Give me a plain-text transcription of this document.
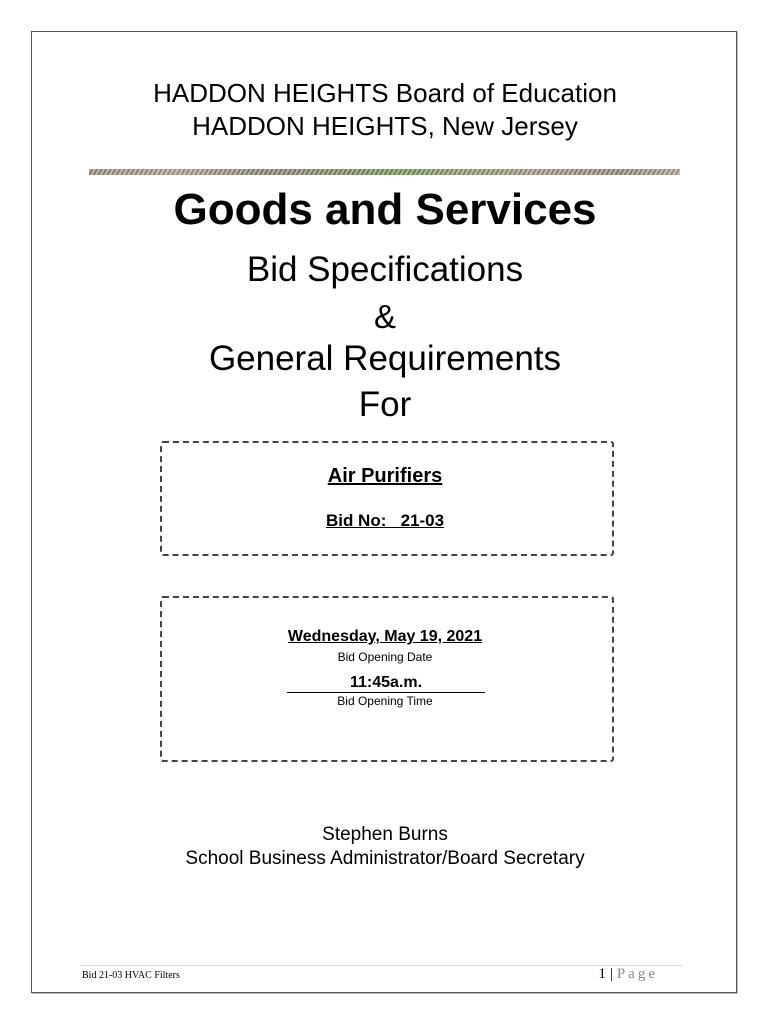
HADDON HEIGHTS Board of Education
HADDON HEIGHTS, New Jersey
Goods and Services
Bid Specifications
&
General Requirements
For
Air Purifiers
Bid No: 21-03
Wednesday, May 19, 2021
Bid Opening Date
11:45a.m.
Bid Opening Time
Stephen Burns
School Business Administrator/Board Secretary
Bid 21-03 HVAC Filters	1 | Page
